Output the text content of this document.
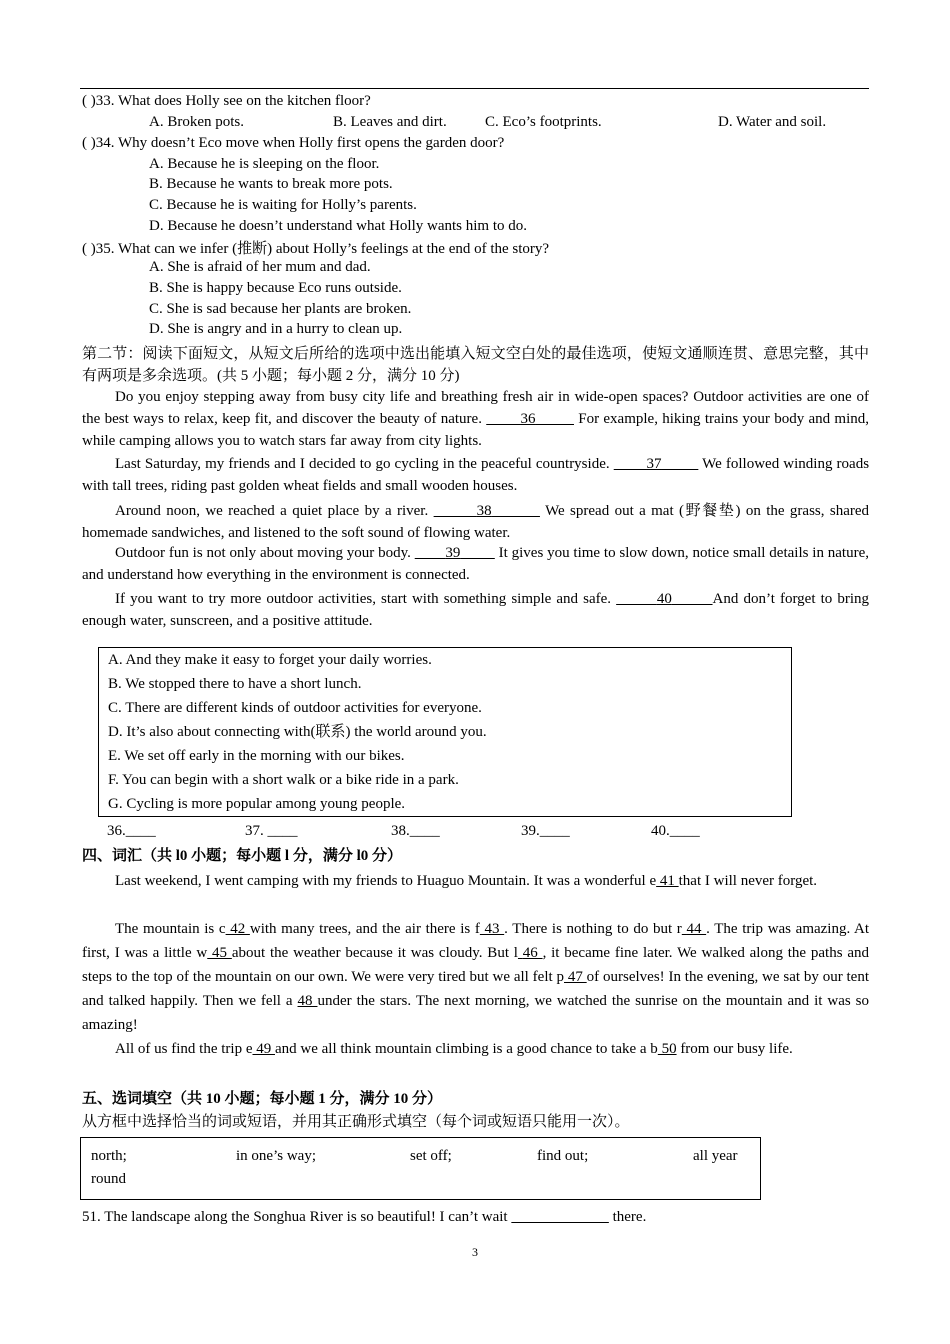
( )33. What does Holly see on the kitchen floor?
A. Broken pots.	B. Leaves and dirt.	C. Eco’s footprints.	D. Water and soil.
( )34. Why doesn’t Eco move when Holly first opens the garden door?
A. Because he is sleeping on the floor.
B. Because he wants to break more pots.
C. Because he is waiting for Holly’s parents.
D. Because he doesn’t understand what Holly wants him to do.
( )35. What can we infer (推断) about Holly’s feelings at the end of the story?
A. She is afraid of her mum and dad.
B. She is happy because Eco runs outside.
C. She is sad because her plants are broken.
D. She is angry and in a hurry to clean up.
第二节：阅读下面短文，从短文后所给的选项中选出能填入短文空白处的最佳选项，使短文通顺连贯、意思完整，其中有两项是多余选项。(共 5 小题；每小题 2 分，满分 10 分)
Do you enjoy stepping away from busy city life and breathing fresh air in wide-open spaces? Outdoor activities are one of the best ways to relax, keep fit, and discover the beauty of nature.	36	For example, hiking trains your body and mind, while camping allows you to watch stars far away from city lights.
Last Saturday, my friends and I decided to go cycling in the peaceful countryside. 37	We followed winding roads with tall trees, riding past golden wheat fields and small wooden houses.
Around noon, we reached a quiet place by a river.	38	We spread out a mat (野餐垫) on the grass, shared homemade sandwiches, and listened to the soft sound of flowing water.
Outdoor fun is not only about moving your body. 39	It gives you time to slow down, notice small details in nature, and understand how everything in the environment is connected.
If you want to try more outdoor activities, start with something simple and safe.	40	And don’t forget to bring enough water, sunscreen, and a positive attitude.
A. And they make it easy to forget your daily worries.
B. We stopped there to have a short lunch.
C. There are different kinds of outdoor activities for everyone.
D. It’s also about connecting with(联系) the world around you.
E. We set off early in the morning with our bikes.
F. You can begin with a short walk or a bike ride in a park.
G. Cycling is more popular among young people.
36.____	37. ____	38.____	39.____	40.____
四、词汇（共 l0 小题；每小题 l 分，满分 l0 分）
Last weekend, I went camping with my friends to Huaguo Mountain. It was a wonderful e 41 that I will never forget.
The mountain is c 42 with many trees, and the air there is f 43 . There is nothing to do but r 44 . The trip was amazing. At first, I was a little w 45 about the weather because it was cloudy. But l 46 , it became fine later. We walked along the paths and steps to the top of the mountain on our own. We were very tired but we all felt p 47 of ourselves! In the evening, we sat by our tent and talked happily. Then we fell a 48 under the stars. The next morning, we watched the sunrise on the mountain and it was so amazing!
All of us find the trip e 49 and we all think mountain climbing is a good chance to take a b 50 from our busy life.
五、选词填空（共 10 小题；每小题 1 分，满分 10 分）
从方框中选择恰当的词或短语，并用其正确形式填空（每个词或短语只能用一次）。
north;	in one’s way;	set off;	find out;	all year
round
51. The landscape along the Songhua River is so beautiful! I can’t wait	there.
3
